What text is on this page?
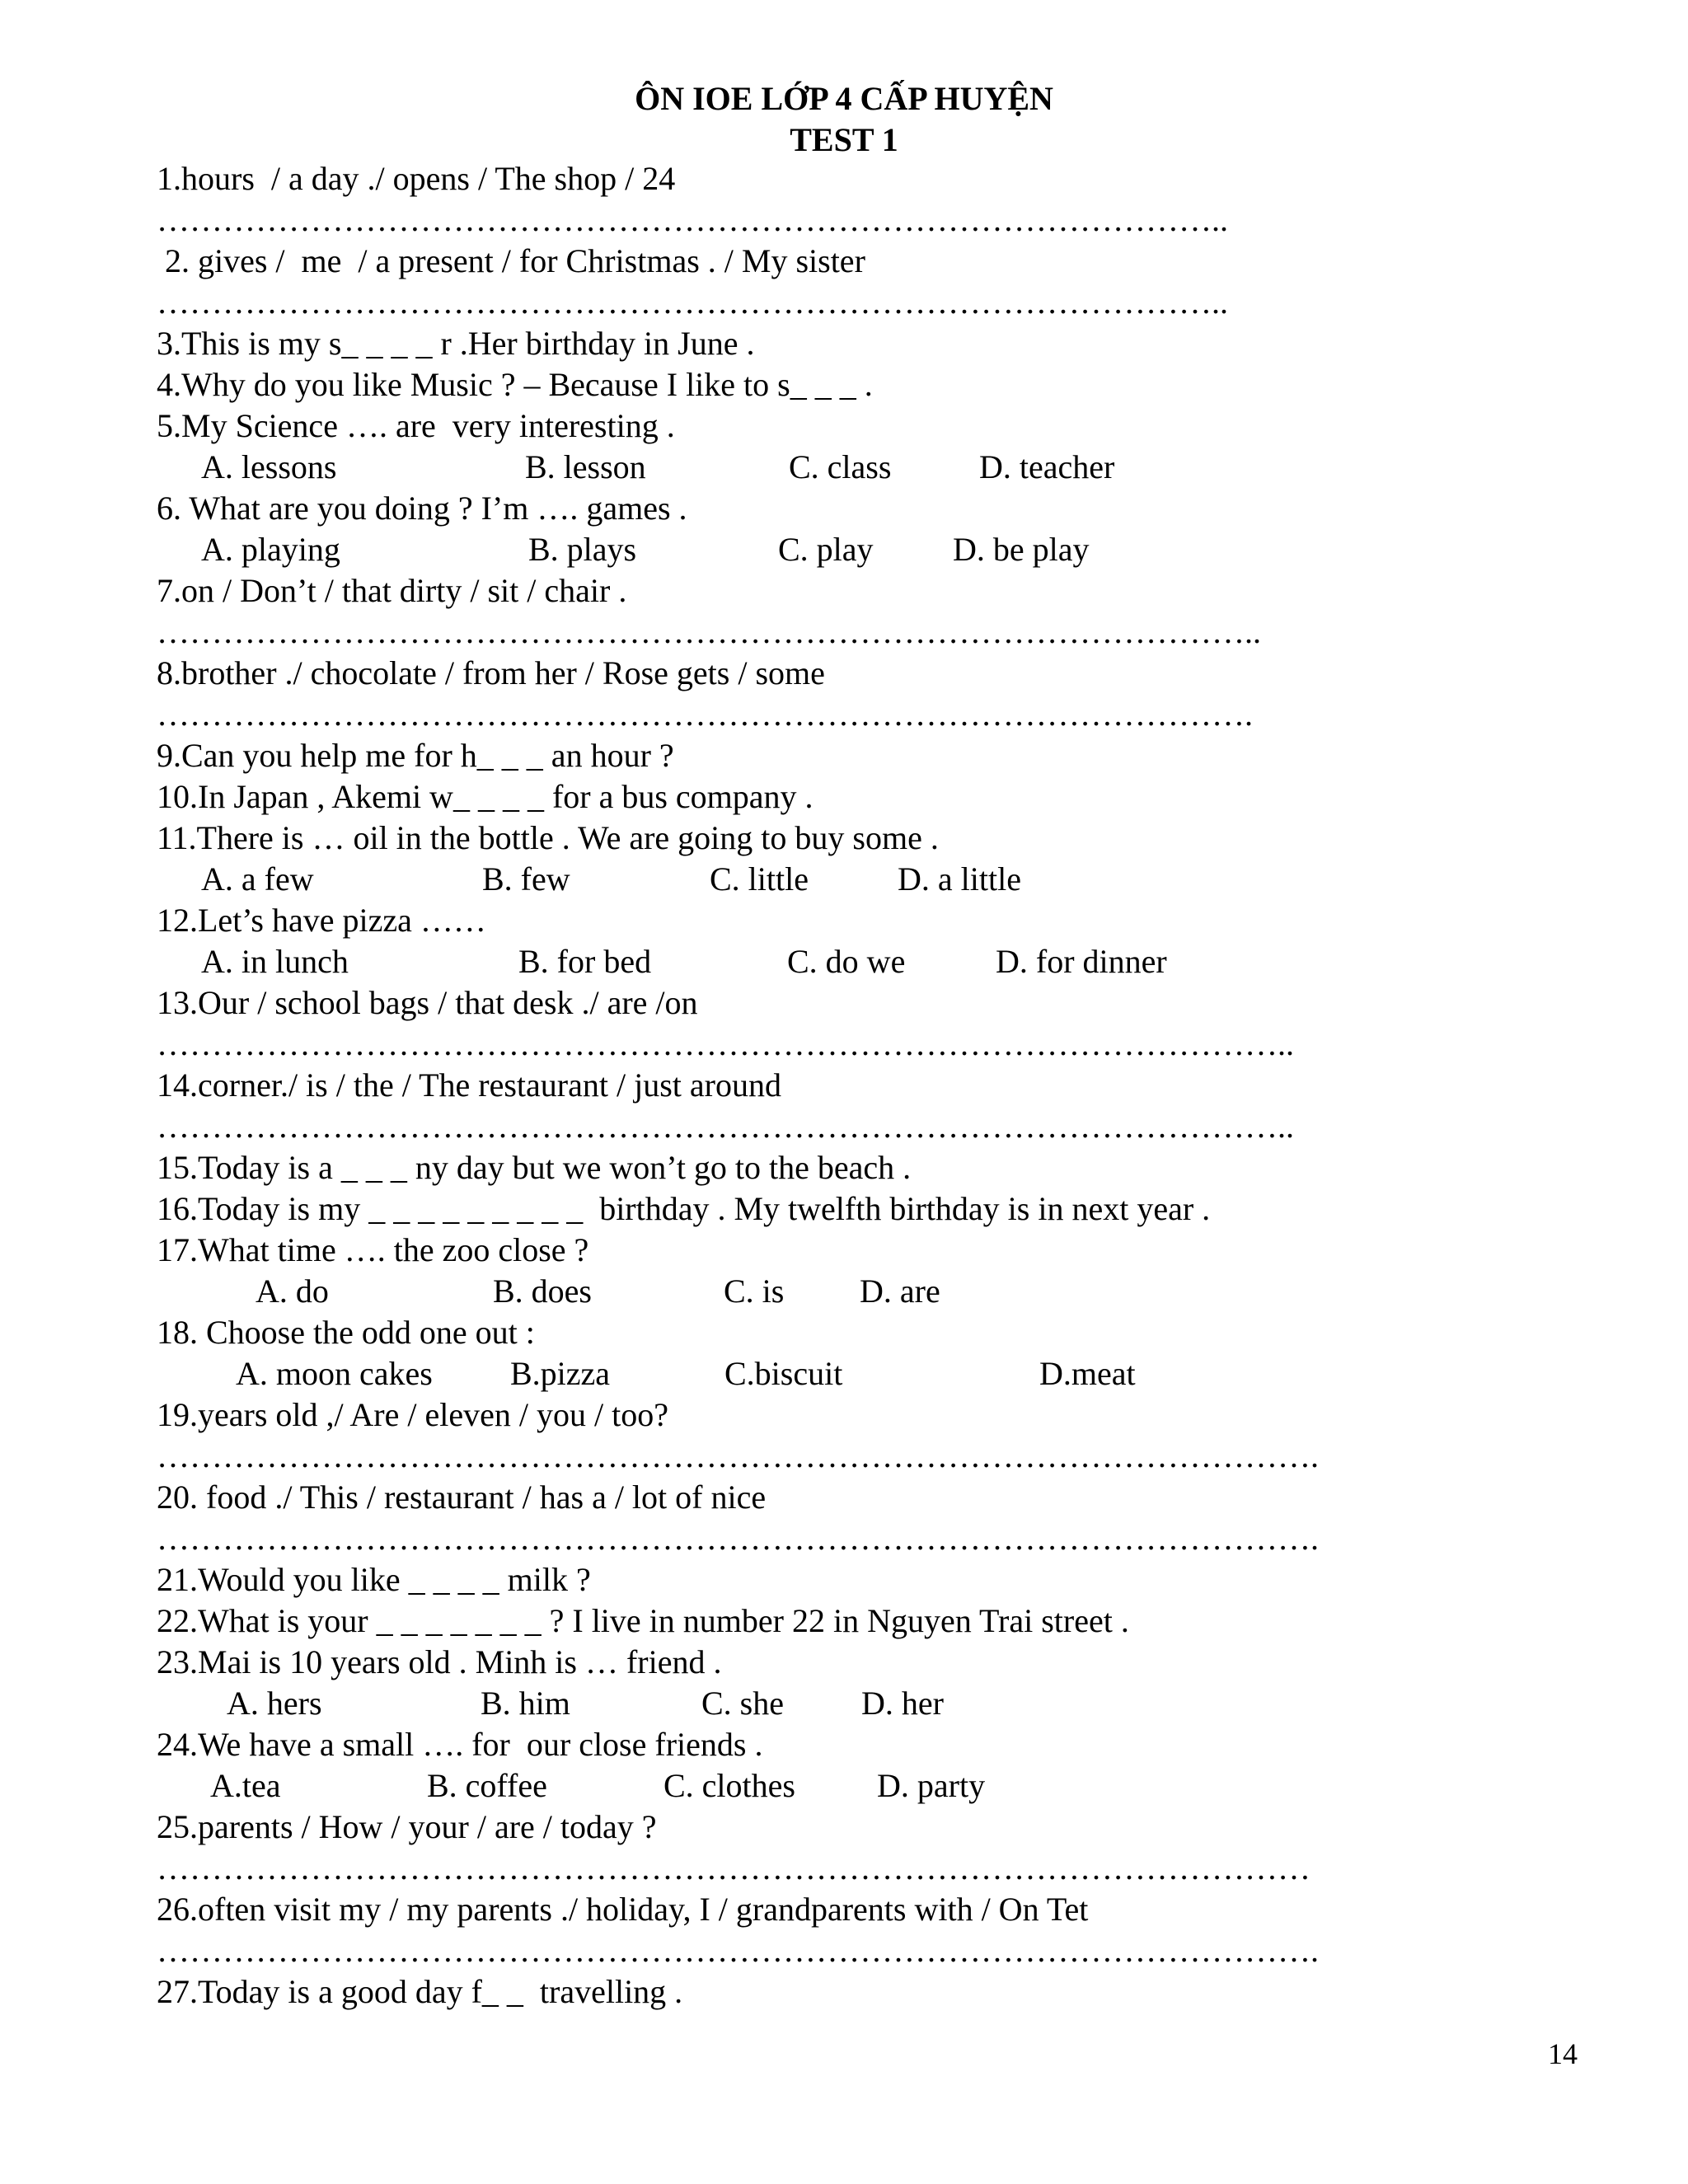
ÔN IOE LỚP 4 CẤP HUYỆN
TEST 1
1.hours  / a day ./ opens / The shop / 24
……………………………………………………………………………………..
2. gives /  me  / a present / for Christmas . / My sister
……………………………………………………………………………………..
3.This is my s_ _ _ _ r .Her birthday in June .
4.Why do you like Music ? – Because I like to s_ _ _ .
5.My Science …. are  very interesting .
A. lessons	B. lesson	C. class	D. teacher
6. What are you doing ? I’m …. games .
A. playing	B. plays	C. play D. be play
7.on / Don’t / that dirty / sit / chair .
………………………………………………………………………………………..
8.brother ./ chocolate / from her / Rose gets / some
……………………………………………………………………………………….
9.Can you help me for h_ _ _ an hour ?
10.In Japan , Akemi w_ _ _ _ for a bus company .
11.There is … oil in the bottle . We are going to buy some .
A. a few	B. few	C. little	D. a little
12.Let’s have pizza ……
A. in lunch	B. for bed	C. do we	D. for dinner
13.Our / school bags / that desk ./ are /on
…………………………………………………………………………………………..
14.corner./ is / the / The restaurant / just around
…………………………………………………………………………………………..
15.Today is a _ _ _ ny day but we won’t go to the beach .
16.Today is my _ _ _ _ _ _ _ _ _  birthday . My twelfth birthday is in next year .
17.What time …. the zoo close ?
A. do	B. does	C. is D. are
18. Choose the odd one out :
A. moon cakes B.pizza	C.biscuit	D.meat
19.years old ,/ Are / eleven / you / too?
…………………………………………………………………………………………….
20. food ./ This / restaurant / has a / lot of nice
…………………………………………………………………………………………….
21.Would you like _ _ _ _ milk ?
22.What is your _ _ _ _ _ _ _ ? I live in number 22 in Nguyen Trai street .
23.Mai is 10 years old . Minh is … friend .
A. hers	B. him	C. she D. her
24.We have a small …. for  our close friends .
A.tea	B. coffee	C. clothes D. party
25.parents / How / your / are / today ?
……………………………………………………………………………………………
26.often visit my / my parents ./ holiday, I / grandparents with / On Tet
…………………………………………………………………………………………….
27.Today is a good day f_ _  travelling .
14
